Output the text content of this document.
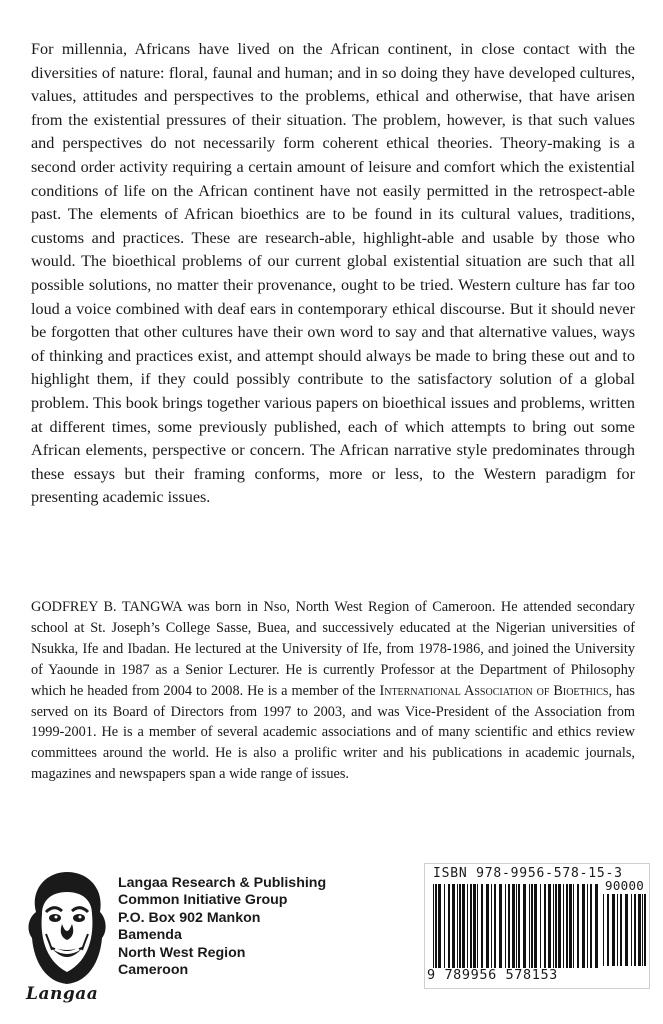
For millennia, Africans have lived on the African continent, in close contact with the diversities of nature: floral, faunal and human; and in so doing they have developed cultures, values, attitudes and perspectives to the problems, ethical and otherwise, that have arisen from the existential pressures of their situation. The problem, however, is that such values and perspectives do not necessarily form coherent ethical theories. Theory-making is a second order activity requiring a certain amount of leisure and comfort which the existential conditions of life on the African continent have not easily permitted in the retrospect-able past. The elements of African bioethics are to be found in its cultural values, traditions, customs and practices. These are research-able, highlight-able and usable by those who would. The bioethical problems of our current global existential situation are such that all possible solutions, no matter their provenance, ought to be tried. Western culture has far too loud a voice combined with deaf ears in contemporary ethical discourse. But it should never be forgotten that other cultures have their own word to say and that alternative values, ways of thinking and practices exist, and attempt should always be made to bring these out and to highlight them, if they could possibly contribute to the satisfactory solution of a global problem. This book brings together various papers on bioethical issues and problems, written at different times, some previously published, each of which attempts to bring out some African elements, perspective or concern. The African narrative style predominates through these essays but their framing conforms, more or less, to the Western paradigm for presenting academic issues.

GODFREY B. TANGWA was born in Nso, North West Region of Cameroon. He attended secondary school at St. Joseph’s College Sasse, Buea, and successively educated at the Nigerian universities of Nsukka, Ife and Ibadan. He lectured at the University of Ife, from 1978-1986, and joined the University of Yaounde in 1987 as a Senior Lecturer. He is currently Professor at the Department of Philosophy which he headed from 2004 to 2008. He is a member of the International Association of Bioethics, has served on its Board of Directors from 1997 to 2003, and was Vice-President of the Association from 1999-2001. He is a member of several academic associations and of many scientific and ethics review committees around the world. He is also a prolific writer and his publications in academic journals, magazines and newspapers span a wide range of issues.

Langaa
Langaa Research & Publishing
Common Initiative Group
P.O. Box 902 Mankon
Bamenda
North West Region
Cameroon
ISBN 978-9956-578-15-3
90000
9 789956 578153
